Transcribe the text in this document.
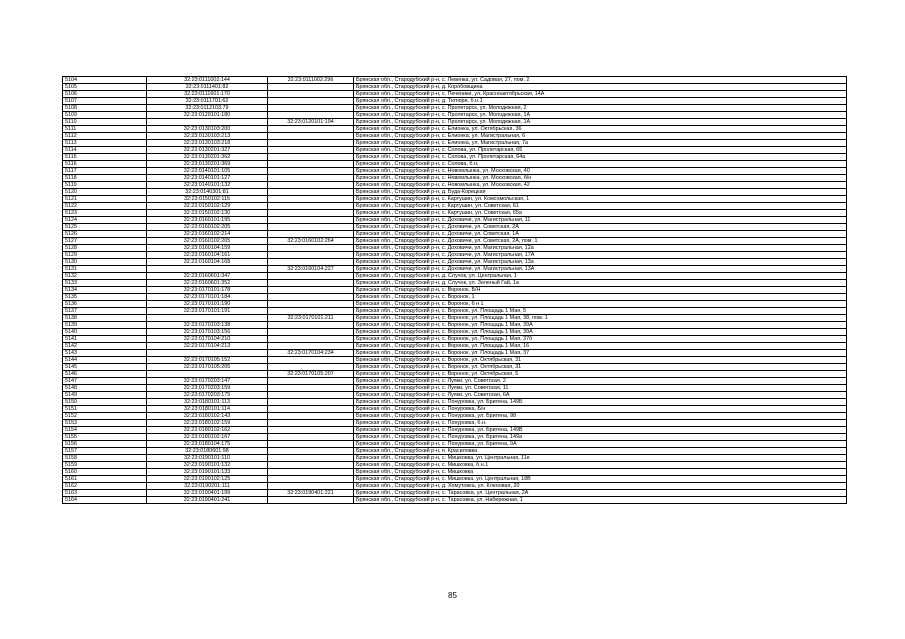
5104	32:23:0111002:144	32:23:0111002:296	Брянская обл., Стародубский р-н, с. Левенка, ул. Садовая, 27, пом. 2
5105	32:23:0111401:82		Брянская обл., Стародубский р-н, д. Коробовщина
5106	32:23:0111601:170		Брянская обл., Стародубский р-н, с. Печеники, ул. Красноактябрьская, 14А
5107	32:23:0111701:62		Брянская обл., Стародубский р-н, д. Тютюри, б.н.1
5108	32:23:0112103:79		Брянская обл., Стародубский р-н, с. Пролетарск, ул. Молодежная, 2
5109	32:23:0120101:180		Брянская обл., Стародубский р-н, с. Пролетарск, ул. Молодежная, 1А
5110		32:23:0120101:194	Брянская обл., Стародубский р-н, с. Пролетарск, ул. Молодежная, 1А
5111	32:23:0130103:200		Брянская обл., Стародубский р-н, с. Елионка, ул. Октябрьская, 36
5112	32:23:0130103:213		Брянская обл., Стародубский р-н, с. Елионка, ул. Магистральная, 6
5113	32:23:0130103:218		Брянская обл., Стародубский р-н, с. Елионка, ул. Магистральная, 7а
5114	32:23:0130201:327		Брянская обл., Стародубский р-н, с. Солова, ул. Пролетарская, 65
5115	32:23:0130201:362		Брянская обл., Стародубский р-н, с. Солова, ул. Пролетарская, 64а
5116	32:23:0130201:369		Брянская обл., Стародубский р-н, с. Солова, б.н.
5117	32:23:0140101:105		Брянская обл., Стародубский р-н, с. Новомлынка, ул. Московская, 40
5118	32:23:0140101:127		Брянская обл., Стародубский р-н, с. Новомлынка, ул. Московская, б/н
5119	32:23:0140101:132		Брянская обл., Стародубский р-н, с. Новомлынка, ул. Московская, 42
5120	32:23:0140301:81		Брянская обл., Стародубский р-н, д. Буда-Корецкая
5121	32:23:0150102:115		Брянская обл., Стародубский р-н, с. Картушин, ул. Комсомольская, 1
5122	32:23:0150102:129		Брянская обл., Стародубский р-н, с. Картушин, ул. Советская, 61
5123	32:23:0150102:130		Брянская обл., Стародубский р-н, с. Картушин, ул. Советская, 65а
5124	32:23:0160101:195		Брянская обл., Стародубский р-н, с. Доховичи, ул. Магистральная, 11
5125	32:23:0160102:205		Брянская обл., Стародубский р-н, с. Доховичи, ул. Советская, 2А
5126	32:23:0160102:214		Брянская обл., Стародубский р-н, с. Доховичи, ул. Советская, 1А
5127	32:23:0160102:205	32:23:0160102:264	Брянская обл., Стародубский р-н, с. Доховичи, ул. Советская, 2А, пом. 1
5128	32:23:0160104:159		Брянская обл., Стародубский р-н, с. Доховичи, ул. Магистральная, 12а
5129	32:23:0160104:161		Брянская обл., Стародубский р-н, с. Доховичи, ул. Магистральная, 17А
5130	32:23:0160104:168		Брянская обл., Стародубский р-н, с. Доховичи, ул. Магистральная, 13а
5131		32:23:0160104:227	Брянская обл., Стародубский р-н, с. Доховичи, ул. Магистральная, 13А
5132	32:23:0160601:347		Брянская обл., Стародубский р-н, д. Случок, ул. Центральная, 1
5133	32:23:0160601:352		Брянская обл., Стародубский р-н, д. Случок, ул. Зеленый Гай, 1а
5134	32:23:0170101:178		Брянская обл., Стародубский р-н, с. Воронок, Б/Н
5135	32:23:0170101:184		Брянская обл., Стародубский р-н, с. Воронок, 1
5136	32:23:0170101:190		Брянская обл., Стародубский р-н, с. Воронок, б н 1
5137	32:23:0170101:191		Брянская обл., Стародубский р-н, с. Воронок, ул. Площадь 1 Мая, 5
5138		32:23:0170101:211	Брянская обл., Стародубский р-н, с. Воронок, ул. Площадь 1 Мая, 38, пом. 1
5139	32:23:0170103:138		Брянская обл., Стародубский р-н, с. Воронок, ул. Площадь 1 Мая, 39А
5140	32:23:0170103:156		Брянская обл., Стародубский р-н, с. Воронок, ул. Площадь 1 Мая, 39А
5141	32:23:0170104:210		Брянская обл., Стародубский р-н, с. Воронок, ул. Площадь 1 Мая, 37б
5142	32:23:0170104:213		Брянская обл., Стародубский р-н, с. Воронок, ул. Площадь 1 Мая, 16
5143		32:23:0170104:234	Брянская обл., Стародубский р-н, с. Воронок, ул. Площадь 1 Мая, 37
5144	32:23:0170105:152		Брянская обл., Стародубский р-н, с. Воронок, ул. Октябрьская, 31
5145	32:23:0170105:205		Брянская обл., Стародубский р-н, с. Воронок, ул. Октябрьская, 31
5146		32:23:0170105:207	Брянская обл., Стародубский р-н, с. Воронок, ул. Октябрьская, 5
5147	32:23:0170203:147		Брянская обл., Стародубский р-н, с. Луяки, ул. Советская, 2
5148	32:23:0170203:159		Брянская обл., Стародубский р-н, с. Луяки, ул. Советская, 11
5149	32:23:0170203:175		Брянская обл., Стародубский р-н, с. Луяки, ул. Советская, 6А
5150	32:23:0180101:113		Брянская обл., Стародубский р-н, с. Понуровка, ул. Бритена, 149Б
5151	32:23:0180101:114		Брянская обл., Стародубский р-н, с. Понуровка, Б/н
5152	32:23:0180102:143		Брянская обл., Стародубский р-н, с. Понуровка, ул. Бритена, 98
5153	32:23:0180102:159		Брянская обл., Стародубский р-н, с. Понуровка, б.н.
5154	32:23:0180102:162		Брянская обл., Стародубский р-н, с. Понуровка, ул. Бритена, 149В
5155	32:23:0180102:167		Брянская обл., Стародубский р-н, с. Понуровка, ул. Бритена, 149а
5156	32:23:0180104:175		Брянская обл., Стародубский р-н, с. Понуровка, ул. Бритена, 9А
5157	32:23:0180601:98		Брянская обл., Стародубский р-н, п. Красиловка
5158	32:23:0190101:110		Брянская обл., Стародубский р-н, с. Мишковка, ул. Центральная, 11е
5159	32:23:0190101:132		Брянская обл., Стародубский р-н, с. Мишковка, б.н.1
5160	32:23:0190101:133		Брянская обл., Стародубский р-н, с. Мишковка
5161	32:23:0190102:125		Брянская обл., Стародубский р-н, с. Мишковка, ул. Центральная, 18В
5162	32:23:0190201:111		Брянская обл., Стародубский р-н, д. Хомутовка, ул. Кленовая, 20
5163	32:23:0190401:199	32:23:0190401:221	Брянская обл., Стародубский р-н, с. Тарасовка, ул. Центральная, 2А
5164	32:23:0190401:241		Брянская обл., Стародубский р-н, с. Тарасовка, ул. Набережная, 1
85
